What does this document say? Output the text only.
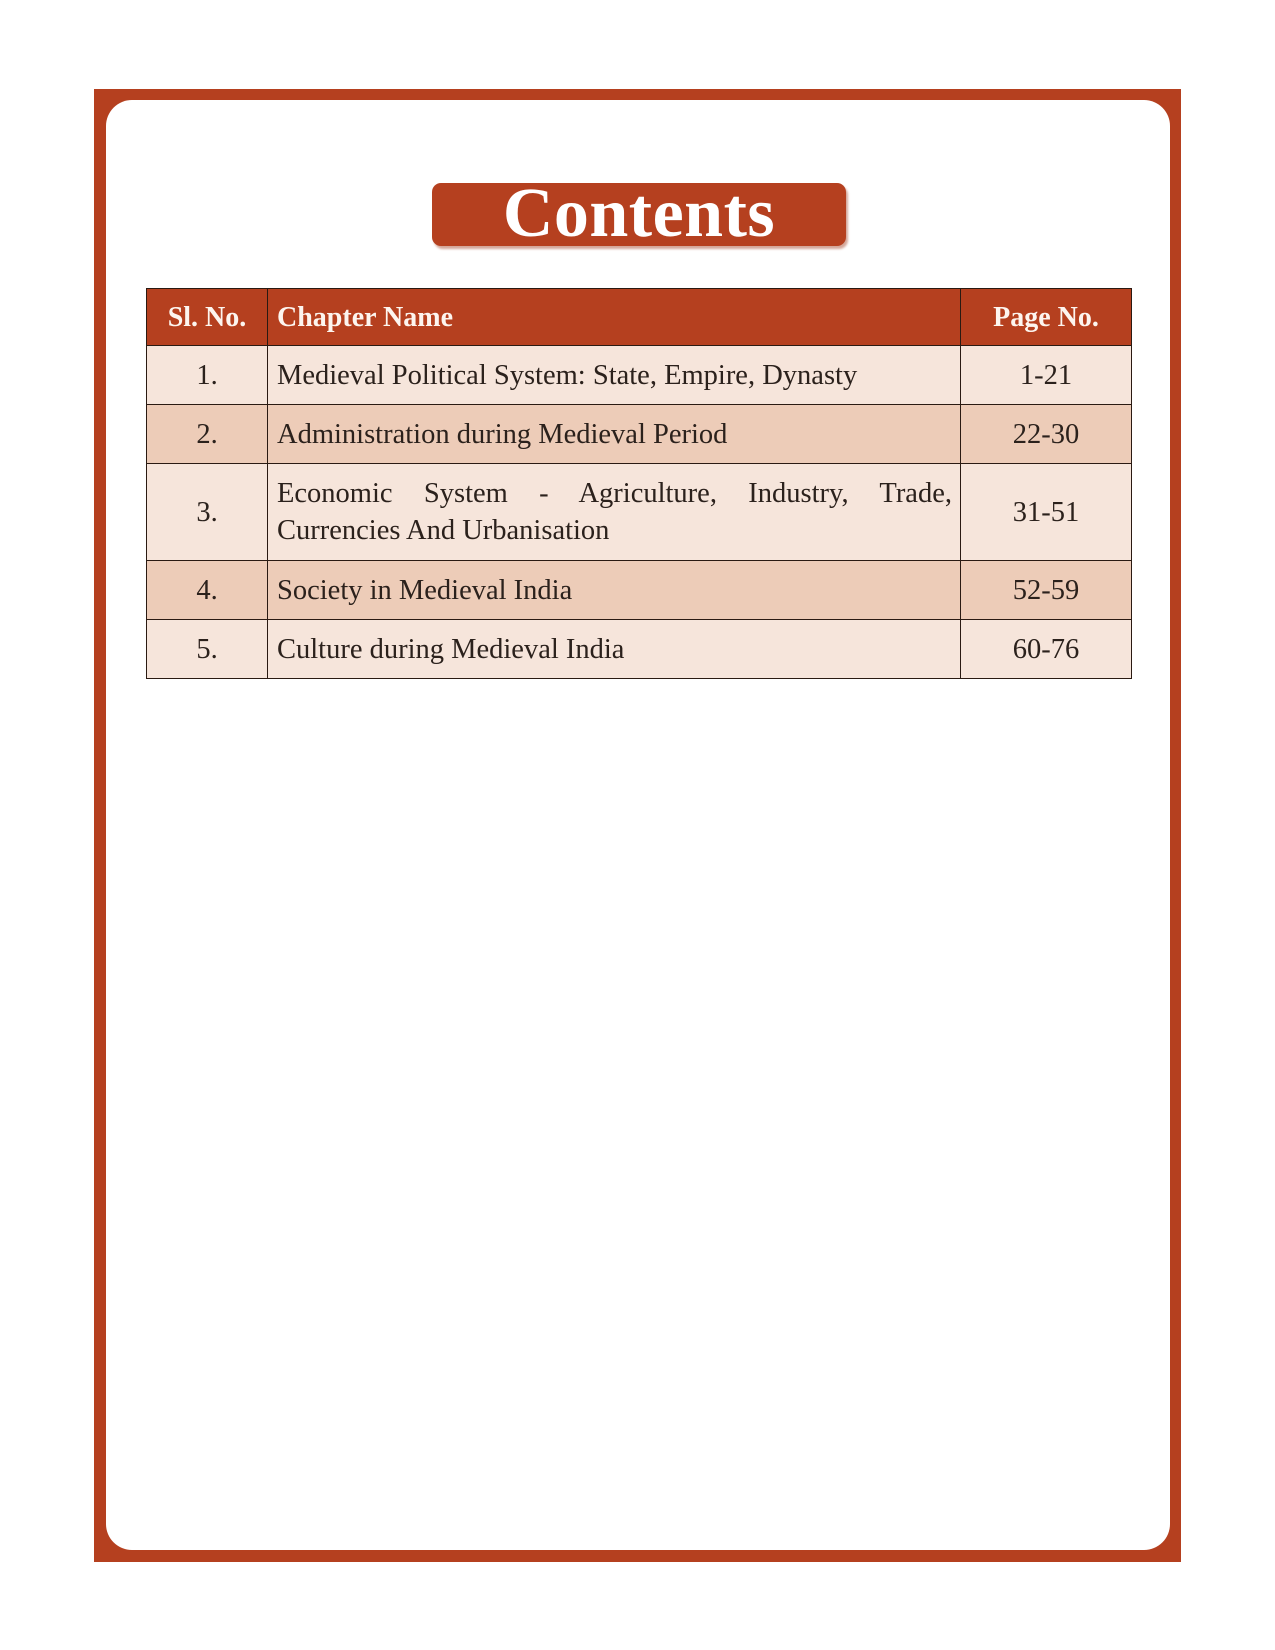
Contents
Sl. No.	Chapter Name	Page No.
1.	Medieval Political System: State, Empire, Dynasty	1-21
2.	Administration during Medieval Period	22-30
3.	Economic System - Agriculture, Industry, Trade, Currencies And Urbanisation	31-51
4.	Society in Medieval India	52-59
5.	Culture during Medieval India	60-76
